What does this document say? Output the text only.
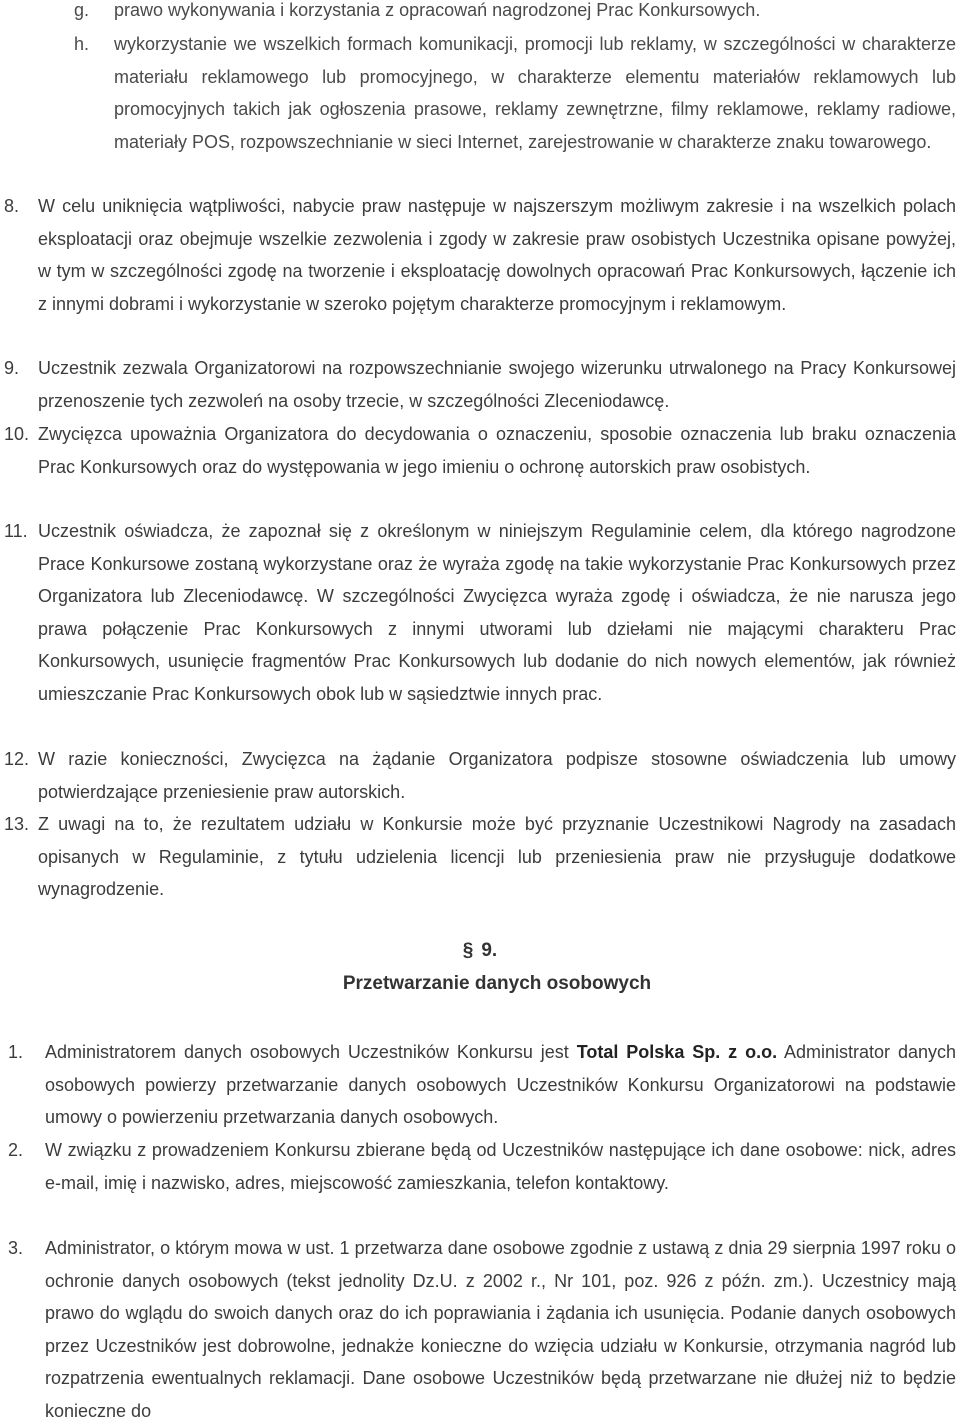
g. prawo wykonywania i korzystania z opracowań nagrodzonej Prac Konkursowych.
h. wykorzystanie we wszelkich formach komunikacji, promocji lub reklamy, w szczególności w charakterze materiału reklamowego lub promocyjnego, w charakterze elementu materiałów reklamowych lub promocyjnych takich jak ogłoszenia prasowe, reklamy zewnętrzne, filmy reklamowe, reklamy radiowe, materiały POS, rozpowszechnianie w sieci Internet, zarejestrowanie w charakterze znaku towarowego.
8. W celu uniknięcia wątpliwości, nabycie praw następuje w najszerszym możliwym zakresie i na wszelkich polach eksploatacji oraz obejmuje wszelkie zezwolenia i zgody w zakresie praw osobistych Uczestnika opisane powyżej, w tym w szczególności zgodę na tworzenie i eksploatację dowolnych opracowań Prac Konkursowych, łączenie ich z innymi dobrami i wykorzystanie w szeroko pojętym charakterze promocyjnym i reklamowym.
9. Uczestnik zezwala Organizatorowi na rozpowszechnianie swojego wizerunku utrwalonego na Pracy Konkursowej przenoszenie tych zezwoleń na osoby trzecie, w szczególności Zleceniodawcę.
10. Zwycięzca upoważnia Organizatora do decydowania o oznaczeniu, sposobie oznaczenia lub braku oznaczenia Prac Konkursowych oraz do występowania w jego imieniu o ochronę autorskich praw osobistych.
11. Uczestnik oświadcza, że zapoznał się z określonym w niniejszym Regulaminie celem, dla którego nagrodzone Prace Konkursowe zostaną wykorzystane oraz że wyraża zgodę na takie wykorzystanie Prac Konkursowych przez Organizatora lub Zleceniodawcę. W szczególności Zwycięzca wyraża zgodę i oświadcza, że nie narusza jego prawa połączenie Prac Konkursowych z innymi utworami lub dziełami nie mającymi charakteru Prac Konkursowych, usunięcie fragmentów Prac Konkursowych lub dodanie do nich nowych elementów, jak również umieszczanie Prac Konkursowych obok lub w sąsiedztwie innych prac.
12. W razie konieczności, Zwycięzca na żądanie Organizatora podpisze stosowne oświadczenia lub umowy potwierdzające przeniesienie praw autorskich.
13. Z uwagi na to, że rezultatem udziału w Konkursie może być przyznanie Uczestnikowi Nagrody na zasadach opisanych w Regulaminie, z tytułu udzielenia licencji lub przeniesienia praw nie przysługuje dodatkowe wynagrodzenie.
§ 9.
Przetwarzanie danych osobowych
1. Administratorem danych osobowych Uczestników Konkursu jest Total Polska Sp. z o.o. Administrator danych osobowych powierzy przetwarzanie danych osobowych Uczestników Konkursu Organizatorowi na podstawie umowy o powierzeniu przetwarzania danych osobowych.
2. W związku z prowadzeniem Konkursu zbierane będą od Uczestników następujące ich dane osobowe: nick, adres e-mail, imię i nazwisko, adres, miejscowość zamieszkania, telefon kontaktowy.
3. Administrator, o którym mowa w ust. 1 przetwarza dane osobowe zgodnie z ustawą z dnia 29 sierpnia 1997 roku o ochronie danych osobowych (tekst jednolity Dz.U. z 2002 r., Nr 101, poz. 926 z późn. zm.). Uczestnicy mają prawo do wglądu do swoich danych oraz do ich poprawiania i żądania ich usunięcia. Podanie danych osobowych przez Uczestników jest dobrowolne, jednakże konieczne do wzięcia udziału w Konkursie, otrzymania nagród lub rozpatrzenia ewentualnych reklamacji. Dane osobowe Uczestników będą przetwarzane nie dłużej niż to będzie konieczne do
